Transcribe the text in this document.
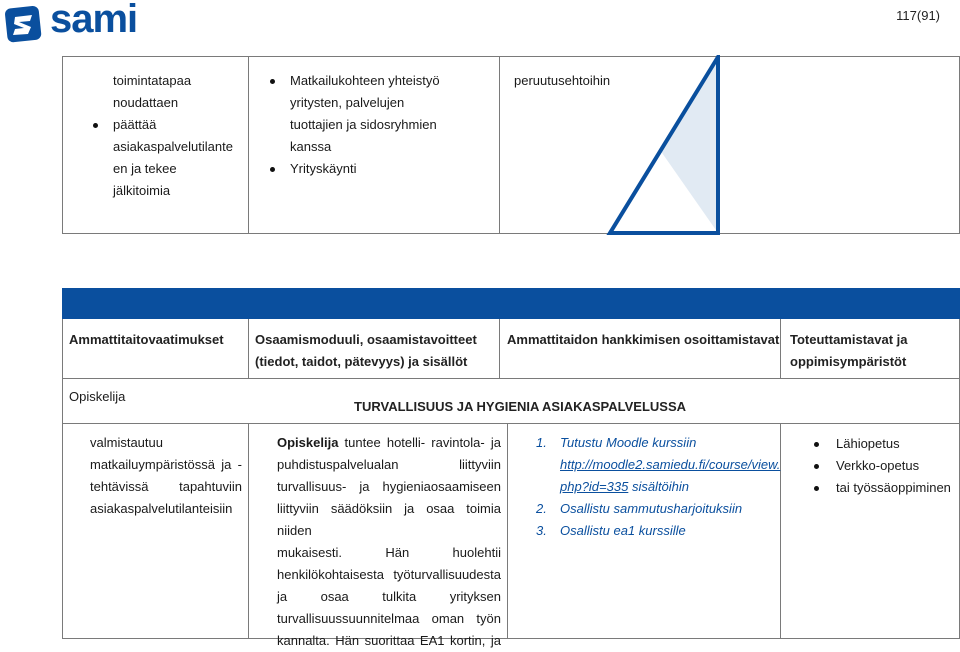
sami	117(91)
toimintatapaa
noudattaen
päättää
asiakaspalvelutilante
en ja tekee
jälkitoimia
Matkailukohteen yhteistyö
yritysten, palvelujen
tuottajien ja sidosryhmien
kanssa
Yrityskäynti
peruutusehtoihin
Ammattitaitovaatimukset Osaamismoduuli, osaamistavoitteet
(tiedot, taidot, pätevyys) ja sisällöt
Ammattitaidon hankkimisen osoittamistavat Toteuttamistavat ja
oppimisympäristöt
Opiskelija
TURVALLISUUS JA HYGIENIA ASIAKASPALVELUSSA
valmistautuu
matkailuympäristössä ja -
tehtävissä tapahtuviin
asiakaspalvelutilanteisiin
Opiskelija tuntee hotelli- ravintola- ja
puhdistuspalvelualan liittyviin
turvallisuus- ja hygieniaosaamiseen
liittyviin säädöksiin ja osaa toimia niiden
mukaisesti. Hän huolehtii
henkilökohtaisesta työturvallisuudesta
ja osaa tulkita yrityksen
turvallisuussuunnitelmaa oman työn
kannalta. Hän suorittaa EA1 kortin, ja
1. Tutustu Moodle kurssiin
http://moodle2.samiedu.fi/course/view.
php?id=335 sisältöihin
2. Osallistu sammutusharjoituksiin
3. Osallistu ea1 kurssille
Lähiopetus
Verkko-opetus
tai työssäoppiminen
